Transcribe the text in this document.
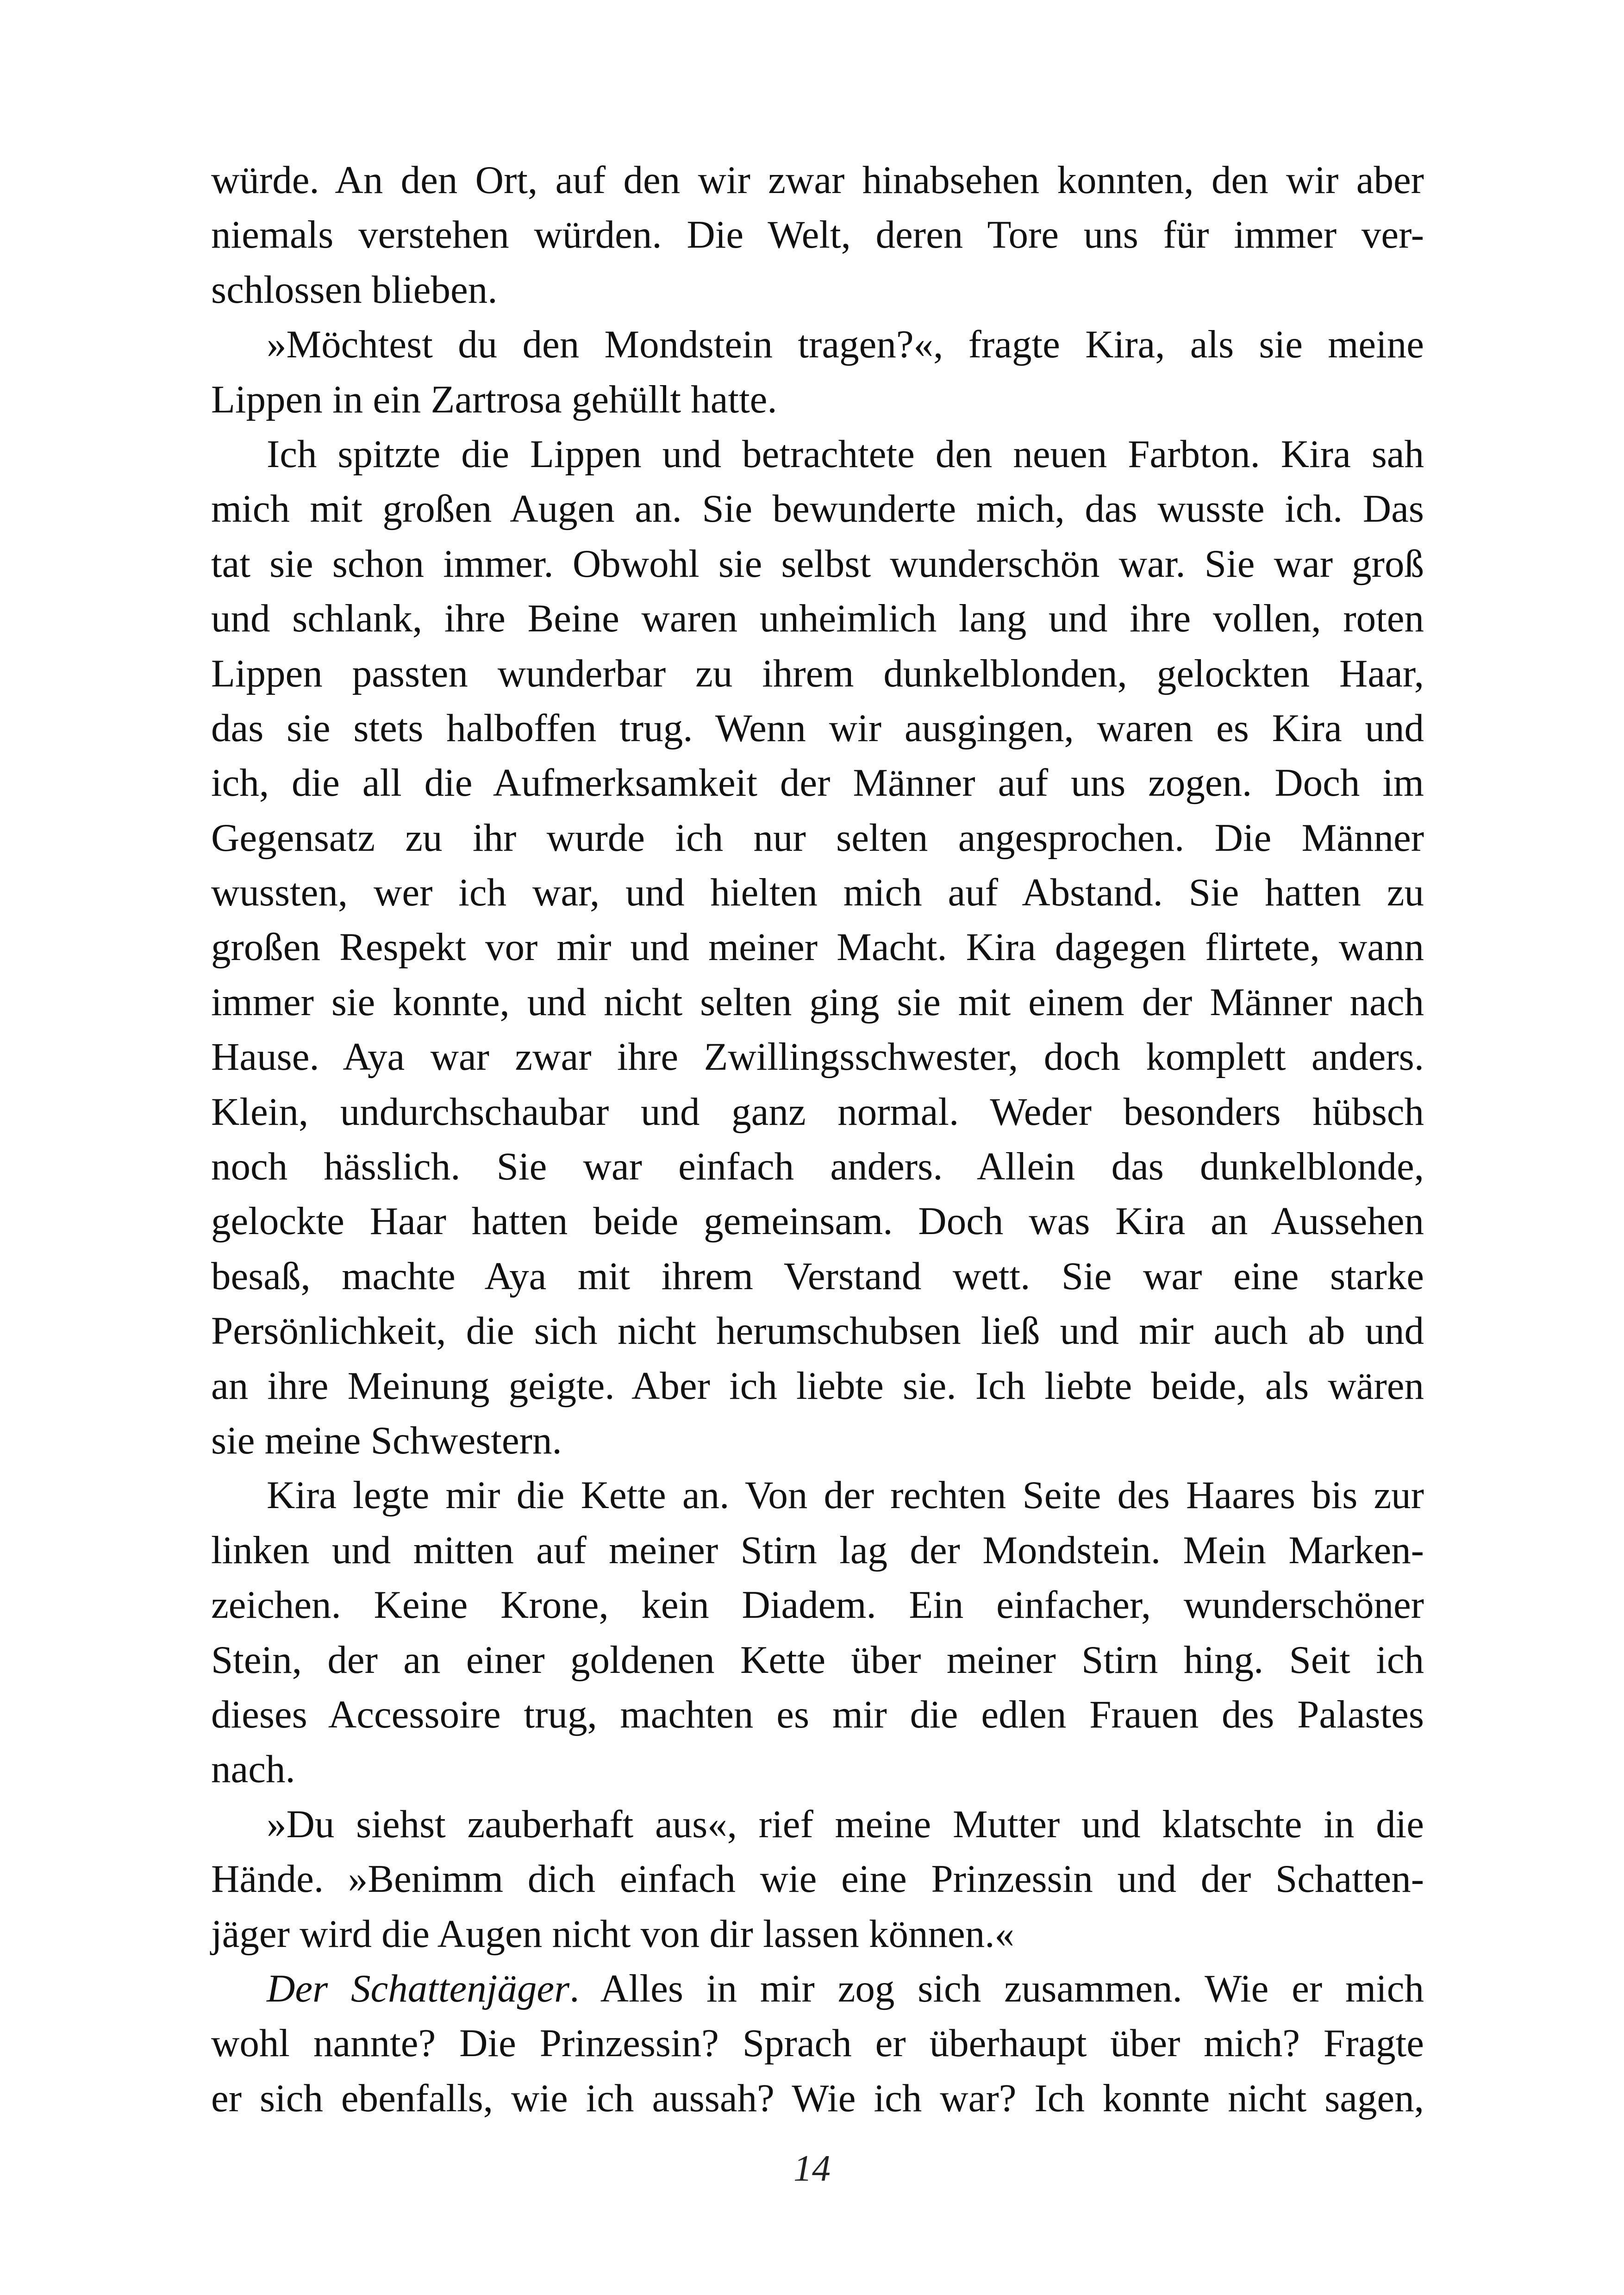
würde. An den Ort, auf den wir zwar hinabsehen konnten, den wir aber
niemals verstehen würden. Die Welt, deren Tore uns für immer ver-
schlossen blieben.
»Möchtest du den Mondstein tragen?«, fragte Kira, als sie meine
Lippen in ein Zartrosa gehüllt hatte.
Ich spitzte die Lippen und betrachtete den neuen Farbton. Kira sah
mich mit großen Augen an. Sie bewunderte mich, das wusste ich. Das
tat sie schon immer. Obwohl sie selbst wunderschön war. Sie war groß
und schlank, ihre Beine waren unheimlich lang und ihre vollen, roten
Lippen passten wunderbar zu ihrem dunkelblonden, gelockten Haar,
das sie stets halboffen trug. Wenn wir ausgingen, waren es Kira und
ich, die all die Aufmerksamkeit der Männer auf uns zogen. Doch im
Gegensatz zu ihr wurde ich nur selten angesprochen. Die Männer
wussten, wer ich war, und hielten mich auf Abstand. Sie hatten zu
großen Respekt vor mir und meiner Macht. Kira dagegen flirtete, wann
immer sie konnte, und nicht selten ging sie mit einem der Männer nach
Hause. Aya war zwar ihre Zwillingsschwester, doch komplett anders.
Klein, undurchschaubar und ganz normal. Weder besonders hübsch
noch hässlich. Sie war einfach anders. Allein das dunkelblonde,
gelockte Haar hatten beide gemeinsam. Doch was Kira an Aussehen
besaß, machte Aya mit ihrem Verstand wett. Sie war eine starke
Persönlichkeit, die sich nicht herumschubsen ließ und mir auch ab und
an ihre Meinung geigte. Aber ich liebte sie. Ich liebte beide, als wären
sie meine Schwestern.
Kira legte mir die Kette an. Von der rechten Seite des Haares bis zur
linken und mitten auf meiner Stirn lag der Mondstein. Mein Marken-
zeichen. Keine Krone, kein Diadem. Ein einfacher, wunderschöner
Stein, der an einer goldenen Kette über meiner Stirn hing. Seit ich
dieses Accessoire trug, machten es mir die edlen Frauen des Palastes
nach.
»Du siehst zauberhaft aus«, rief meine Mutter und klatschte in die
Hände. »Benimm dich einfach wie eine Prinzessin und der Schatten-
jäger wird die Augen nicht von dir lassen können.«
Der Schattenjäger. Alles in mir zog sich zusammen. Wie er mich
wohl nannte? Die Prinzessin? Sprach er überhaupt über mich? Fragte
er sich ebenfalls, wie ich aussah? Wie ich war? Ich konnte nicht sagen,
14
